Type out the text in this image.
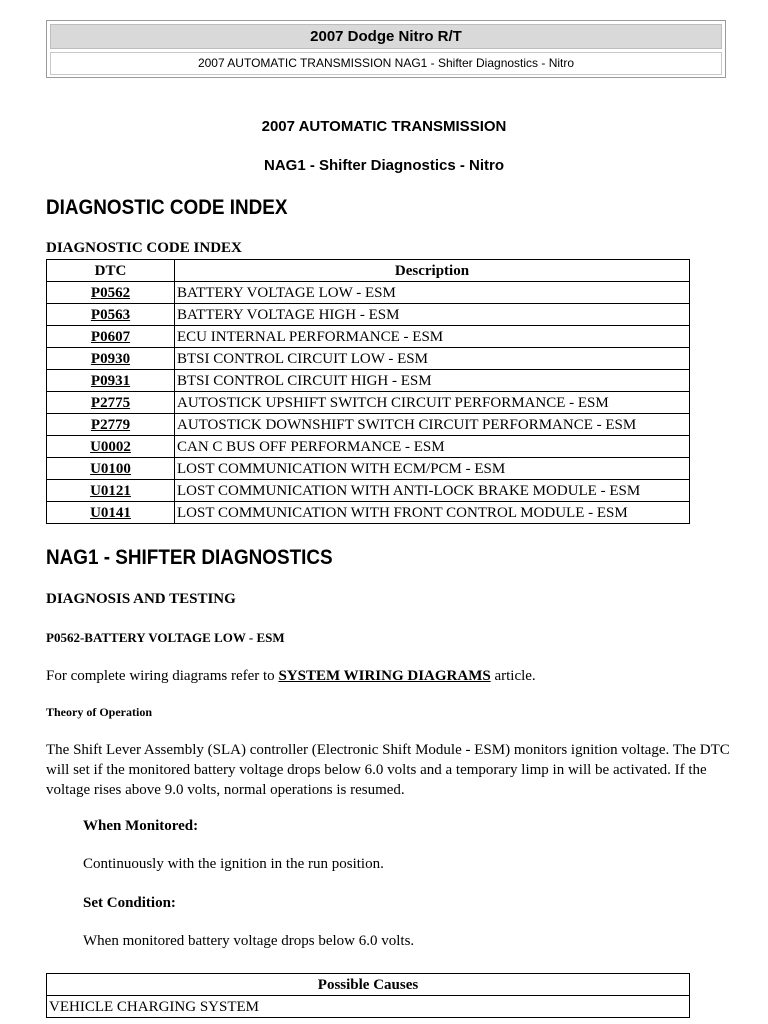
2007 Dodge Nitro R/T
2007 AUTOMATIC TRANSMISSION NAG1 - Shifter Diagnostics - Nitro
2007 AUTOMATIC TRANSMISSION
NAG1 - Shifter Diagnostics - Nitro
DIAGNOSTIC CODE INDEX
DIAGNOSTIC CODE INDEX
DTC	Description
P0562	BATTERY VOLTAGE LOW - ESM
P0563	BATTERY VOLTAGE HIGH - ESM
P0607	ECU INTERNAL PERFORMANCE - ESM
P0930	BTSI CONTROL CIRCUIT LOW - ESM
P0931	BTSI CONTROL CIRCUIT HIGH - ESM
P2775	AUTOSTICK UPSHIFT SWITCH CIRCUIT PERFORMANCE - ESM
P2779	AUTOSTICK DOWNSHIFT SWITCH CIRCUIT PERFORMANCE - ESM
U0002	CAN C BUS OFF PERFORMANCE - ESM
U0100	LOST COMMUNICATION WITH ECM/PCM - ESM
U0121	LOST COMMUNICATION WITH ANTI-LOCK BRAKE MODULE - ESM
U0141	LOST COMMUNICATION WITH FRONT CONTROL MODULE - ESM
NAG1 - SHIFTER DIAGNOSTICS
DIAGNOSIS AND TESTING
P0562-BATTERY VOLTAGE LOW - ESM
For complete wiring diagrams refer to SYSTEM WIRING DIAGRAMS article.
Theory of Operation
The Shift Lever Assembly (SLA) controller (Electronic Shift Module - ESM) monitors ignition voltage. The DTC will set if the monitored battery voltage drops below 6.0 volts and a temporary limp in will be activated. If the voltage rises above 9.0 volts, normal operations is resumed.
When Monitored:
Continuously with the ignition in the run position.
Set Condition:
When monitored battery voltage drops below 6.0 volts.
Possible Causes
VEHICLE CHARGING SYSTEM
